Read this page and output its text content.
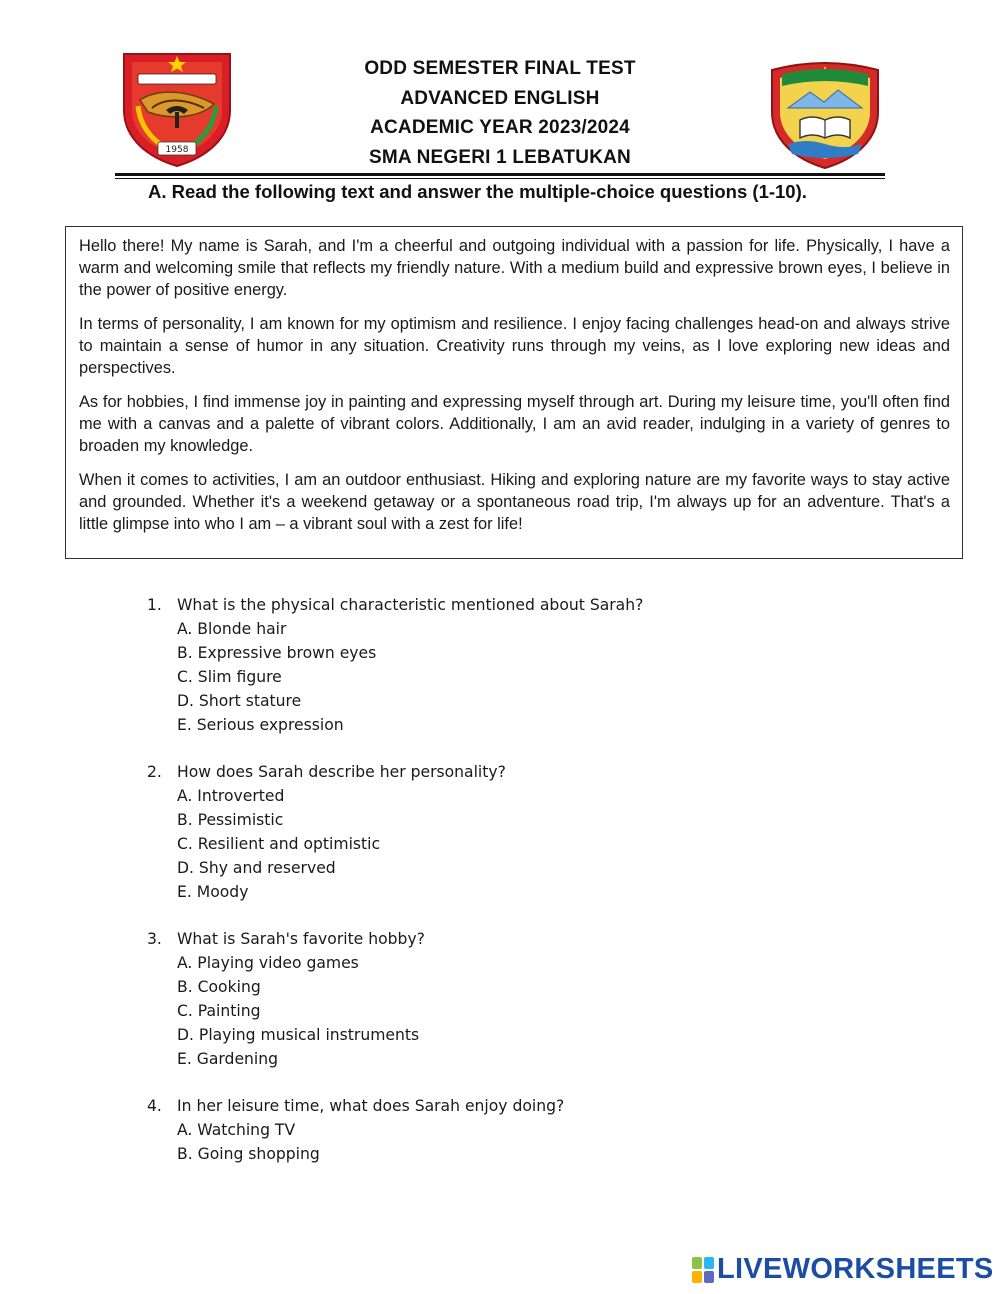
1958
ODD SEMESTER FINAL TEST
ADVANCED ENGLISH
ACADEMIC YEAR 2023/2024
SMA NEGERI 1 LEBATUKAN
A. Read the following text and answer the multiple-choice questions (1-10).

Hello there! My name is Sarah, and I'm a cheerful and outgoing individual with a passion for life. Physically, I have a warm and welcoming smile that reflects my friendly nature. With a medium build and expressive brown eyes, I believe in the power of positive energy.

In terms of personality, I am known for my optimism and resilience. I enjoy facing challenges head-on and always strive to maintain a sense of humor in any situation. Creativity runs through my veins, as I love exploring new ideas and perspectives.

As for hobbies, I find immense joy in painting and expressing myself through art. During my leisure time, you'll often find me with a canvas and a palette of vibrant colors. Additionally, I am an avid reader, indulging in a variety of genres to broaden my knowledge.

When it comes to activities, I am an outdoor enthusiast. Hiking and exploring nature are my favorite ways to stay active and grounded. Whether it's a weekend getaway or a spontaneous road trip, I'm always up for an adventure. That's a little glimpse into who I am – a vibrant soul with a zest for life!

1. What is the physical characteristic mentioned about Sarah?
A. Blonde hair
B. Expressive brown eyes
C. Slim figure
D. Short stature
E. Serious expression
2. How does Sarah describe her personality?
A. Introverted
B. Pessimistic
C. Resilient and optimistic
D. Shy and reserved
E. Moody
3. What is Sarah's favorite hobby?
A. Playing video games
B. Cooking
C. Painting
D. Playing musical instruments
E. Gardening
4. In her leisure time, what does Sarah enjoy doing?
A. Watching TV
B. Going shopping
LIVEWORKSHEETS
